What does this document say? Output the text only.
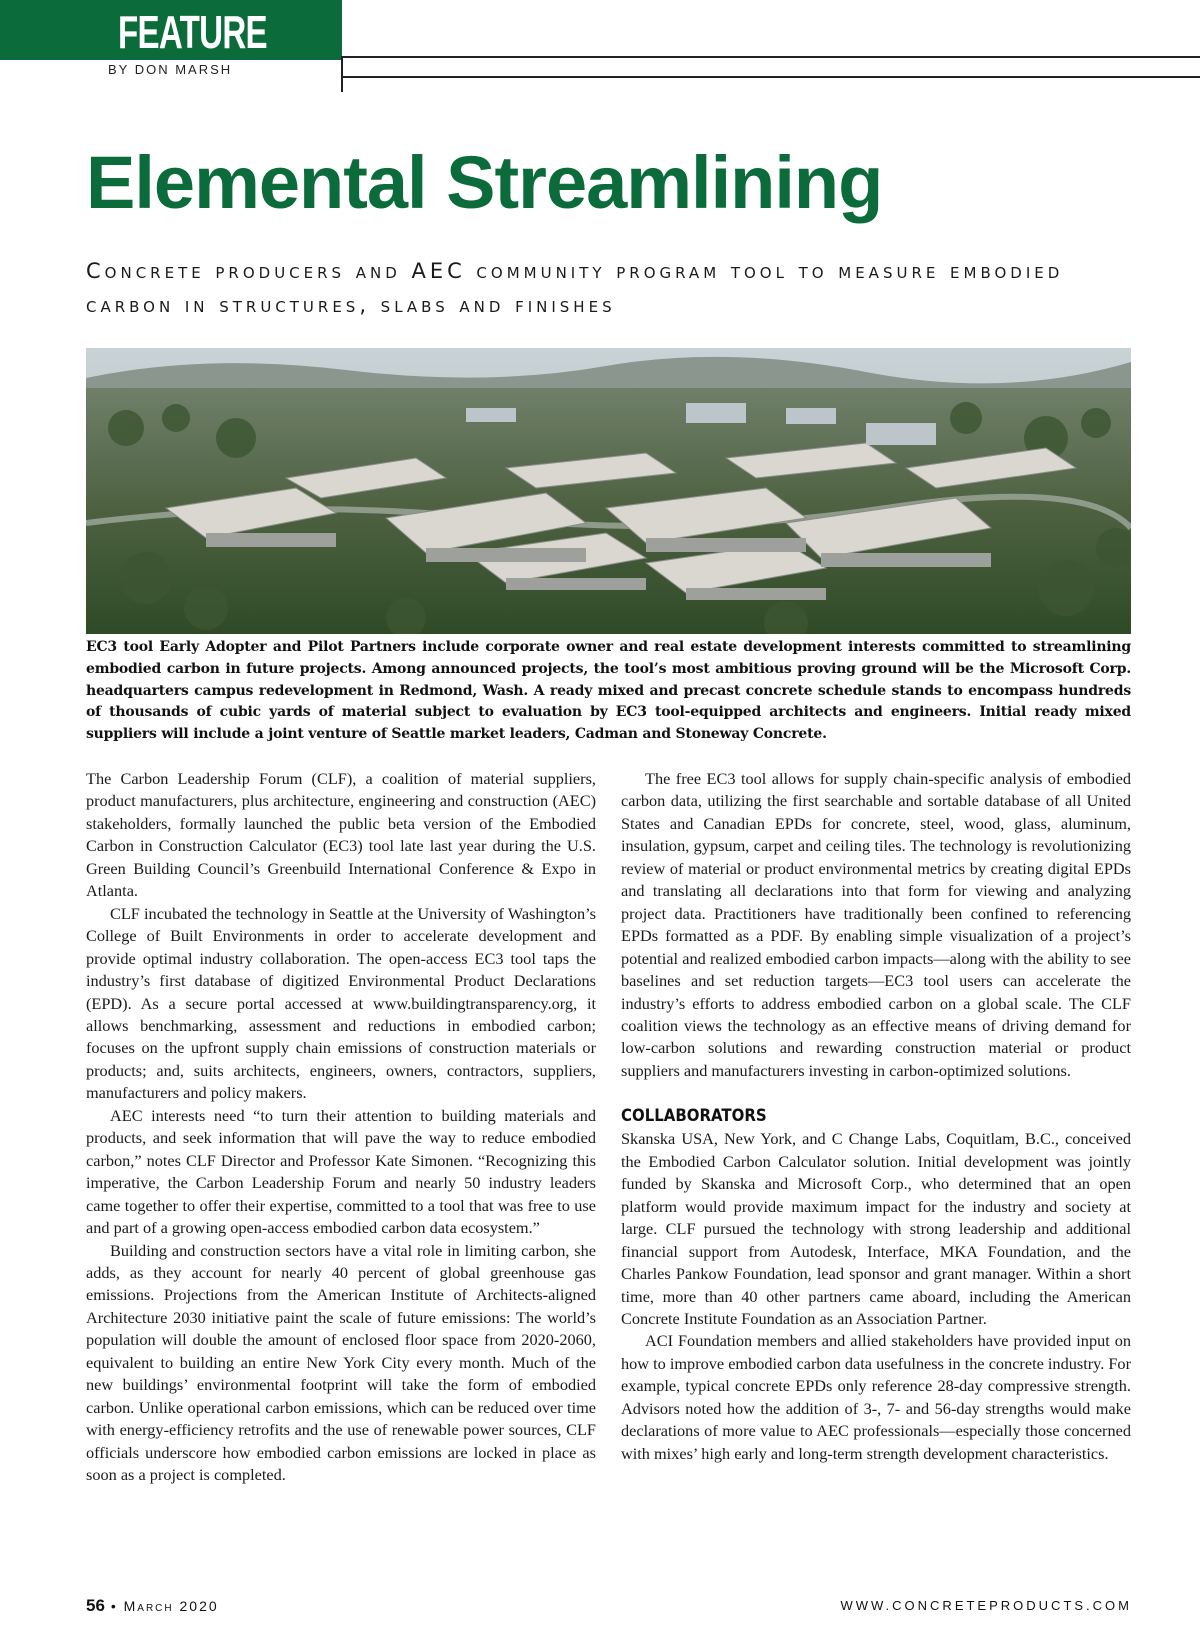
FEATURE
BY DON MARSH
Elemental Streamlining
Concrete producers and AEC community program tool to measure embodied carbon in structures, slabs and finishes
EC3 tool Early Adopter and Pilot Partners include corporate owner and real estate development interests committed to streamlining embodied carbon in future projects. Among announced projects, the tool’s most ambitious proving ground will be the Microsoft Corp. headquarters campus redevelopment in Redmond, Wash. A ready mixed and precast concrete schedule stands to encompass hundreds of thousands of cubic yards of material subject to evaluation by EC3 tool-equipped architects and engineers. Initial ready mixed suppliers will include a joint venture of Seattle market leaders, Cadman and Stoneway Concrete.

The Carbon Leadership Forum (CLF), a coalition of material suppliers, product manufacturers, plus architecture, engineering and construction (AEC) stakeholders, formally launched the public beta version of the Embodied Carbon in Construction Calculator (EC3) tool late last year during the U.S. Green Building Council’s Greenbuild International Conference & Expo in Atlanta.

CLF incubated the technology in Seattle at the University of Washington’s College of Built Environments in order to accelerate development and provide optimal industry collaboration. The open-access EC3 tool taps the industry’s first database of digitized Environmental Product Declarations (EPD). As a secure portal accessed at www.buildingtransparency.org, it allows benchmarking, assessment and reductions in embodied carbon; focuses on the upfront supply chain emissions of construction materials or products; and, suits architects, engineers, owners, contractors, suppliers, manufacturers and policy makers.

AEC interests need “to turn their attention to building materials and products, and seek information that will pave the way to reduce embodied carbon,” notes CLF Director and Professor Kate Simonen. “Recognizing this imperative, the Carbon Leadership Forum and nearly 50 industry leaders came together to offer their expertise, committed to a tool that was free to use and part of a growing open-access embodied carbon data ecosystem.”

Building and construction sectors have a vital role in limiting carbon, she adds, as they account for nearly 40 percent of global greenhouse gas emissions. Projections from the American Institute of Architects-aligned Architecture 2030 initiative paint the scale of future emissions: The world’s population will double the amount of enclosed floor space from 2020-2060, equivalent to building an entire New York City every month. Much of the new buildings’ environmental footprint will take the form of embodied carbon. Unlike operational carbon emissions, which can be reduced over time with energy-efficiency retrofits and the use of renewable power sources, CLF officials underscore how embodied carbon emissions are locked in place as soon as a project is completed.

The free EC3 tool allows for supply chain-specific analysis of embodied carbon data, utilizing the first searchable and sortable database of all United States and Canadian EPDs for concrete, steel, wood, glass, aluminum, insulation, gypsum, carpet and ceiling tiles. The technology is revolutionizing review of material or product environmental metrics by creating digital EPDs and translating all declarations into that form for viewing and analyzing project data. Practitioners have traditionally been confined to referencing EPDs formatted as a PDF. By enabling simple visualization of a project’s potential and realized embodied carbon impacts—along with the ability to see baselines and set reduction targets—EC3 tool users can accelerate the industry’s efforts to address embodied carbon on a global scale. The CLF coalition views the technology as an effective means of driving demand for low-carbon solutions and rewarding construction material or product suppliers and manufacturers investing in carbon-optimized solutions.

COLLABORATORS

Skanska USA, New York, and C Change Labs, Coquitlam, B.C., conceived the Embodied Carbon Calculator solution. Initial development was jointly funded by Skanska and Microsoft Corp., who determined that an open platform would provide maximum impact for the industry and society at large. CLF pursued the technology with strong leadership and additional financial support from Autodesk, Interface, MKA Foundation, and the Charles Pankow Foundation, lead sponsor and grant manager. Within a short time, more than 40 other partners came aboard, including the American Concrete Institute Foundation as an Association Partner.

ACI Foundation members and allied stakeholders have provided input on how to improve embodied carbon data usefulness in the concrete industry. For example, typical concrete EPDs only reference 28-day compressive strength. Advisors noted how the addition of 3-, 7- and 56-day strengths would make declarations of more value to AEC professionals—especially those concerned with mixes’ high early and long-term strength development characteristics.

56 • March 2020	WWW.CONCRETEPRODUCTS.COM
